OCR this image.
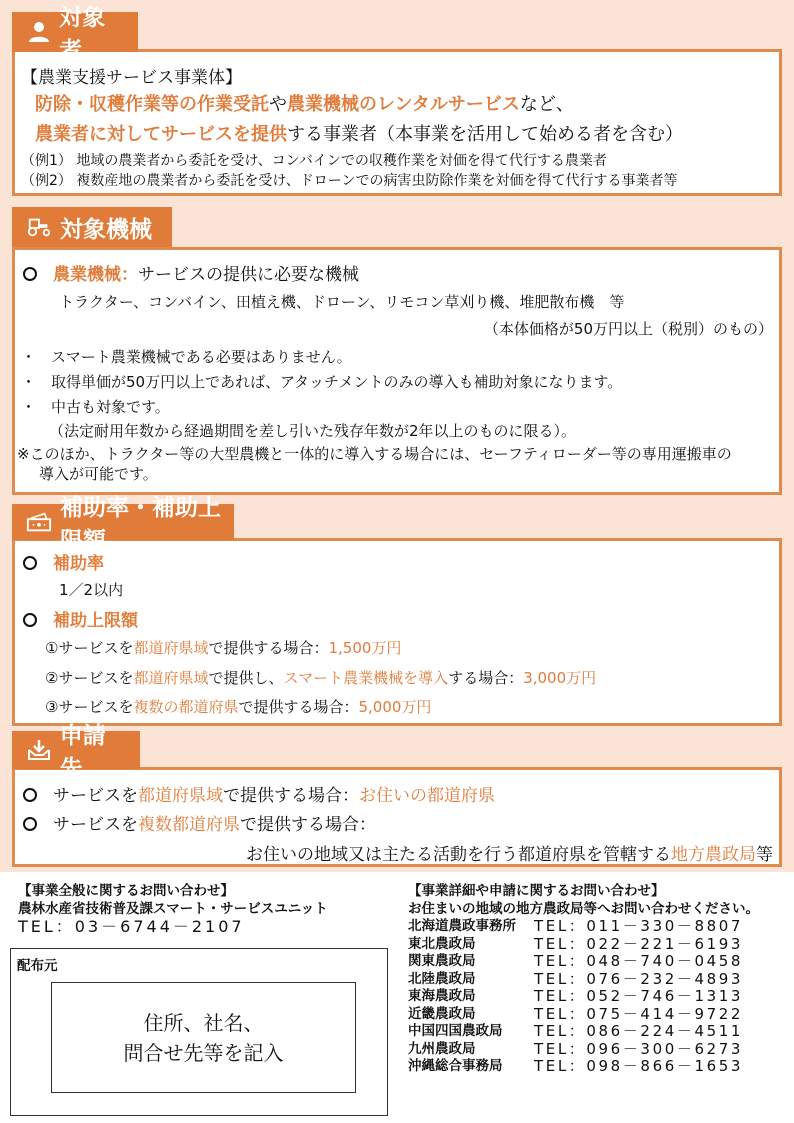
【農業支援サービス事業体】
防除・収穫作業等の作業受託や農業機械のレンタルサービスなど、
農業者に対してサービスを提供する事業者（本事業を活用して始める者を含む）
（例1） 地域の農業者から委託を受け、コンバインでの収穫作業を対価を得て代行する農業者
（例2） 複数産地の農業者から委託を受け、ドローンでの病害虫防除作業を対価を得て代行する事業者等
対象者
農業機械：サービスの提供に必要な機械
トラクター、コンバイン、田植え機、ドローン、リモコン草刈り機、堆肥散布機　等
（本体価格が50万円以上（税別）のもの）
・　スマート農業機械である必要はありません。
・　取得単価が50万円以上であれば、アタッチメントのみの導入も補助対象になります。
・　中古も対象です。
（法定耐用年数から経過期間を差し引いた残存年数が2年以上のものに限る）。
※このほか、トラクター等の大型農機と一体的に導入する場合には、セーフティローダー等の専用運搬車の
導入が可能です。
対象機械
補助率
1／2以内
補助上限額
①サービスを都道府県域で提供する場合：1,500万円
②サービスを都道府県域で提供し、スマート農業機械を導入する場合：3,000万円
③サービスを複数の都道府県で提供する場合：5,000万円
補助率・補助上限額
サービスを都道府県域で提供する場合：お住いの都道府県
サービスを複数都道府県で提供する場合：
お住いの地域又は主たる活動を行う都道府県を管轄する地方農政局等
申請先
【事業全般に関するお問い合わせ】
農林水産省技術普及課スマート・サービスユニット
TEL：03－6744－2107
配布元
住所、社名、
問合せ先等を記入
【事業詳細や申請に関するお問い合わせ】
お住まいの地域の地方農政局等へお問い合わせください。
北海道農政事務所	TEL：011－330－8807
東北農政局	TEL：022－221－6193
関東農政局	TEL：048－740－0458
北陸農政局	TEL：076－232－4893
東海農政局	TEL：052－746－1313
近畿農政局	TEL：075－414－9722
中国四国農政局	TEL：086－224－4511
九州農政局	TEL：096－300－6273
沖縄総合事務局	TEL：098－866－1653
